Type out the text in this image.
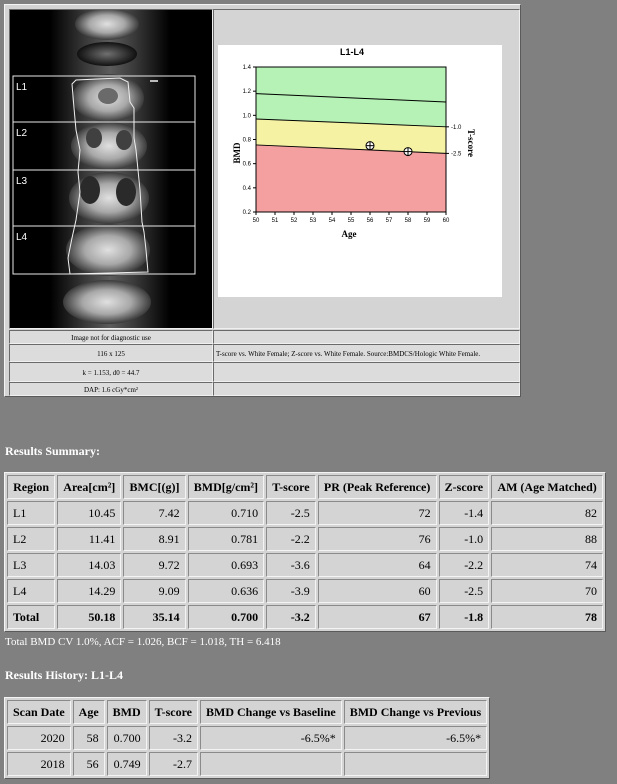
L1
L2
L3
L4
L1-L4
0.2
0.4
0.6
0.8
1.0
1.2
1.4
50 51 52 53 54 55 56 57 58 59 60
-1.0
-2.5
Age
BMD	T-score
Image not for diagnostic use
116 x 125	T-score vs. White Female; Z-score vs. White Female. Source:BMDCS/Hologic White Female.
k = 1.153, d0 = 44.7
DAP: 1.6 cGy*cm²
Results Summary:
Region	Area[cm²]	BMC[(g)]	BMD[g/cm²]	T-score	PR (Peak Reference)	Z-score	AM (Age Matched)
L1	10.45	7.42	0.710	-2.5	72	-1.4	82
L2	11.41	8.91	0.781	-2.2	76	-1.0	88
L3	14.03	9.72	0.693	-3.6	64	-2.2	74
L4	14.29	9.09	0.636	-3.9	60	-2.5	70
Total	50.18	35.14	0.700	-3.2	67	-1.8	78
Total BMD CV 1.0%, ACF = 1.026, BCF = 1.018, TH = 6.418
Results History: L1-L4
Scan Date	Age	BMD	T-score	BMD Change vs Baseline	BMD Change vs Previous
2020	58	0.700	-3.2	-6.5%*	-6.5%*
2018	56	0.749	-2.7		
